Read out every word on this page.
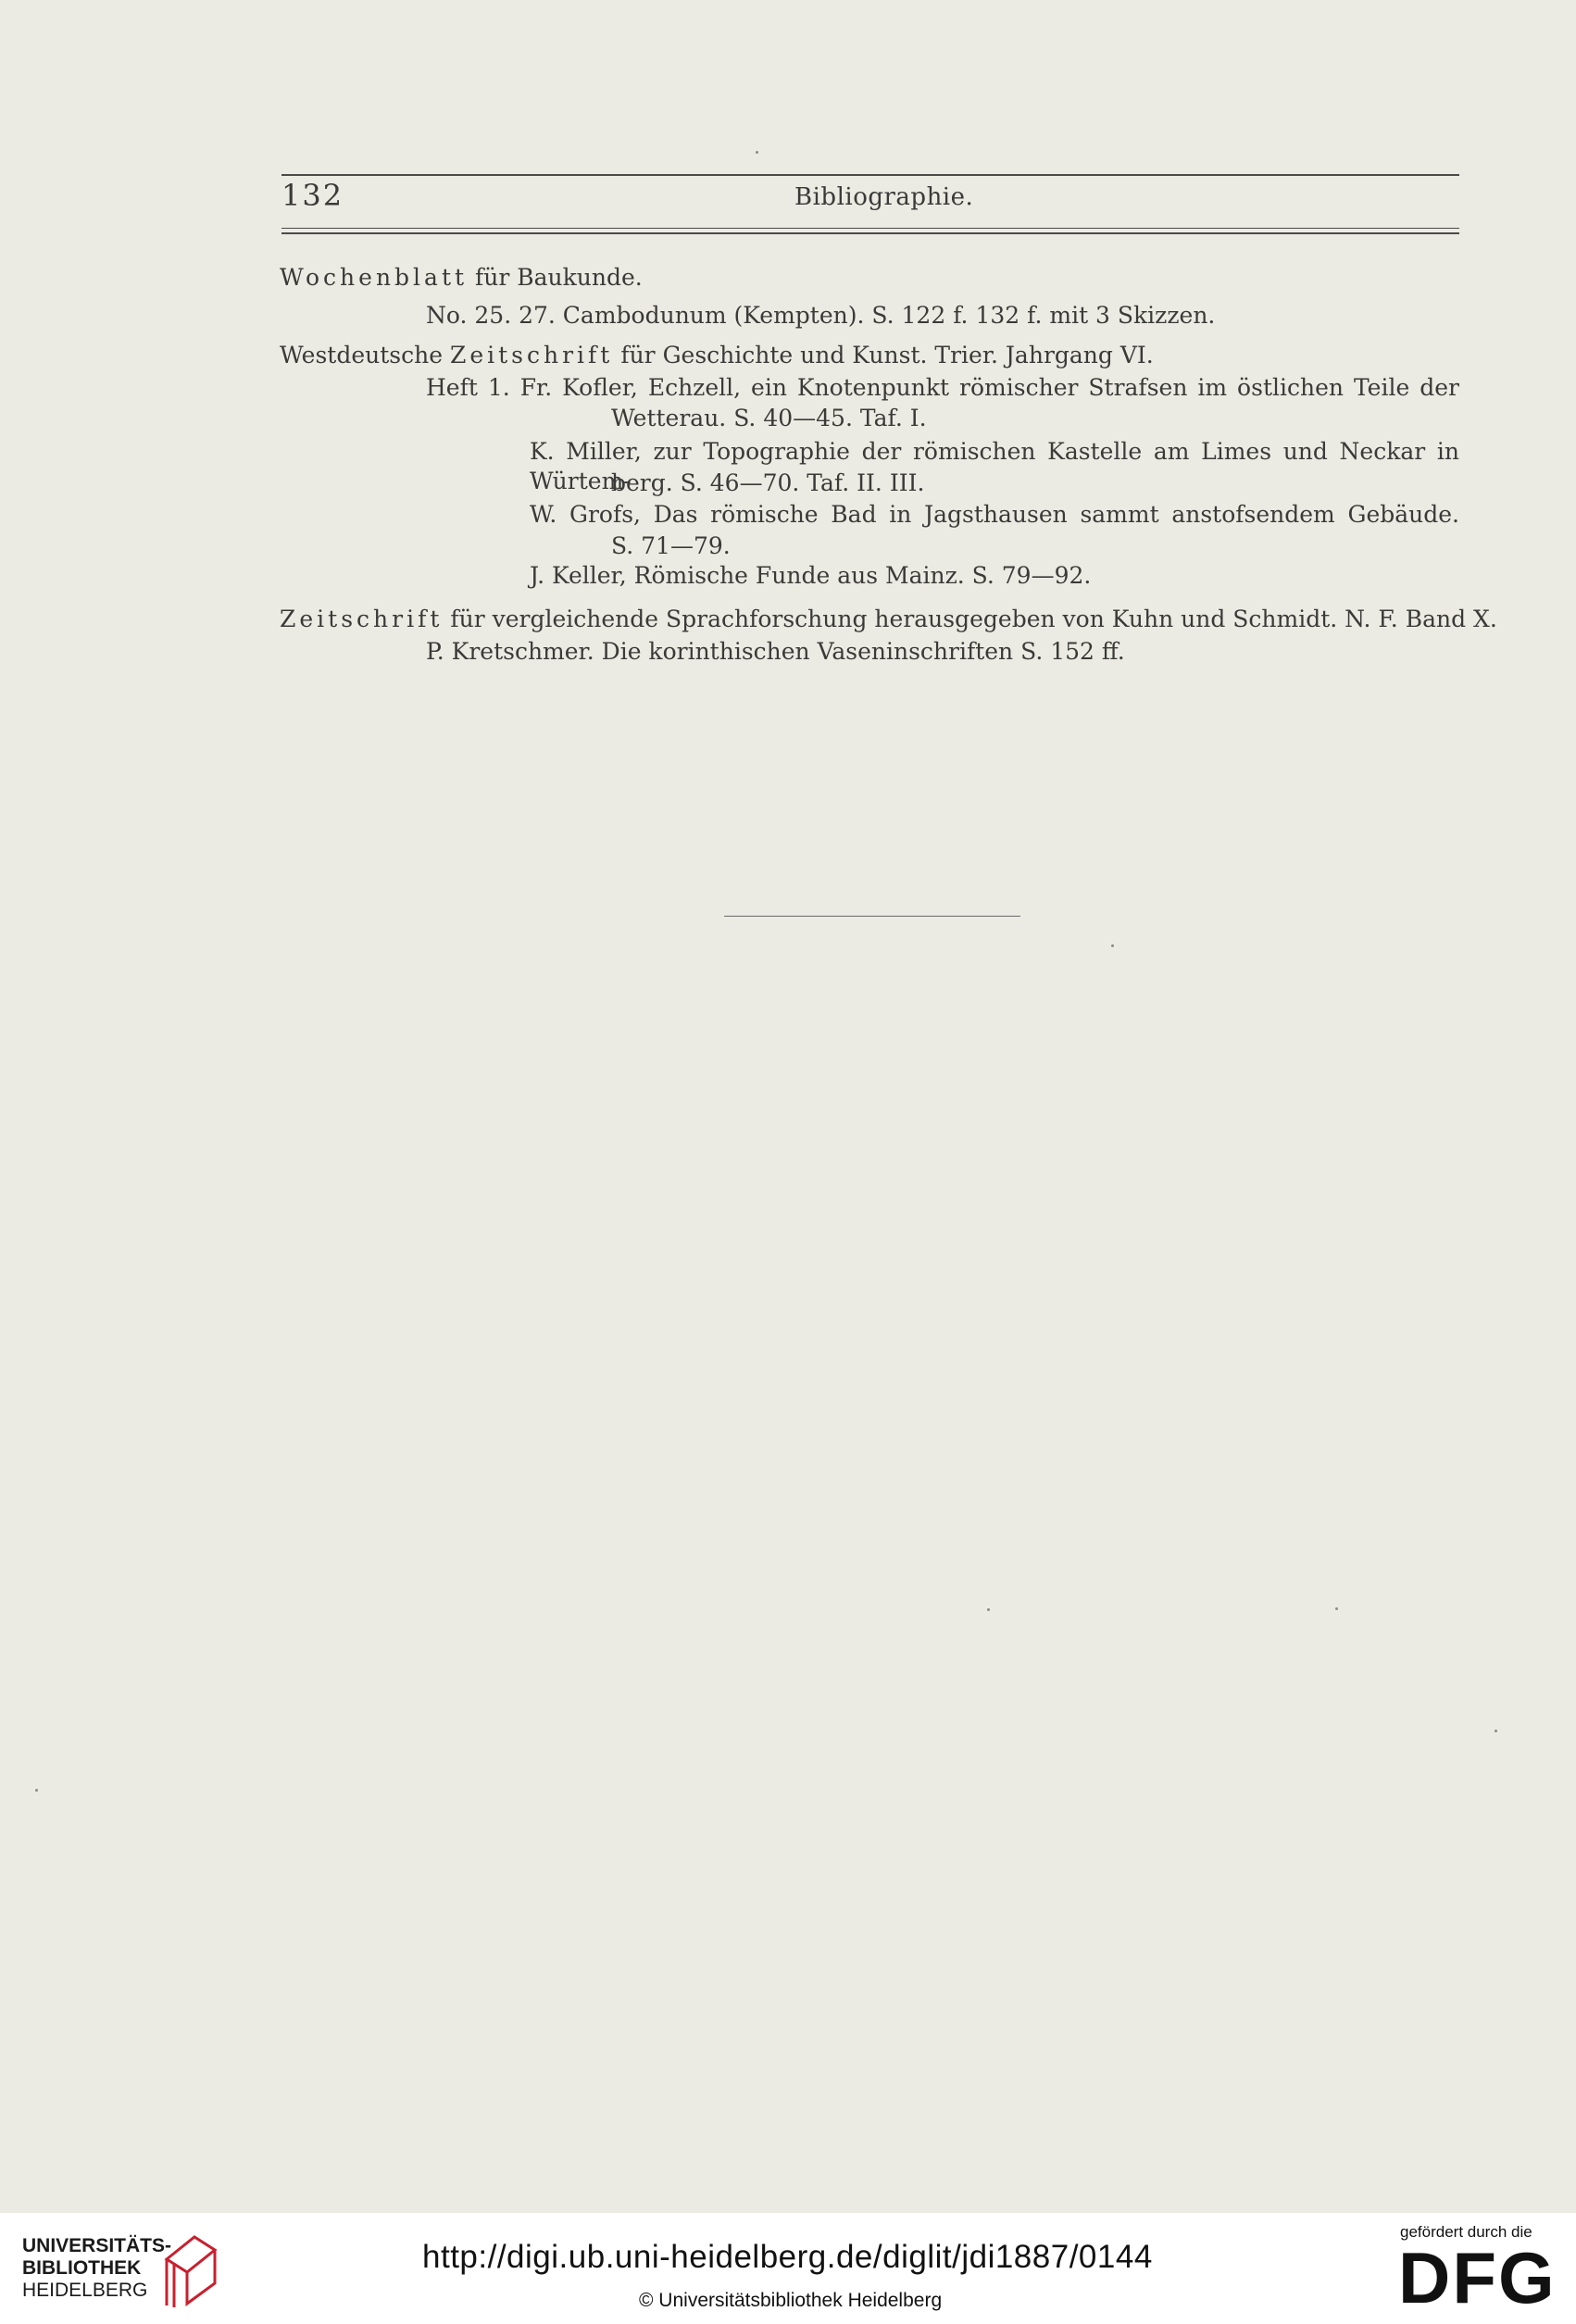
132	Bibliographie.
Wochenblatt für Baukunde.
No. 25. 27. Cambodunum (Kempten). S. 122 f. 132 f. mit 3 Skizzen.
Westdeutsche Zeitschrift für Geschichte und Kunst. Trier. Jahrgang VI.
Heft 1. Fr. Kofler, Echzell, ein Knotenpunkt römischer Strafsen im östlichen Teile der
Wetterau. S. 40—45. Taf. I.
K. Miller, zur Topographie der römischen Kastelle am Limes und Neckar in Würtem-
berg. S. 46—70. Taf. II. III.
W. Grofs, Das römische Bad in Jagsthausen sammt anstofsendem Gebäude.
S. 71—79.
J. Keller, Römische Funde aus Mainz. S. 79—92.
Zeitschrift für vergleichende Sprachforschung herausgegeben von Kuhn und Schmidt. N. F. Band X.
P. Kretschmer. Die korinthischen Vaseninschriften S. 152 ff.
UNIVERSITÄTS-
BIBLIOTHEK
HEIDELBERG
http://digi.ub.uni-heidelberg.de/diglit/jdi1887/0144
© Universitätsbibliothek Heidelberg
gefördert durch die
DFG
